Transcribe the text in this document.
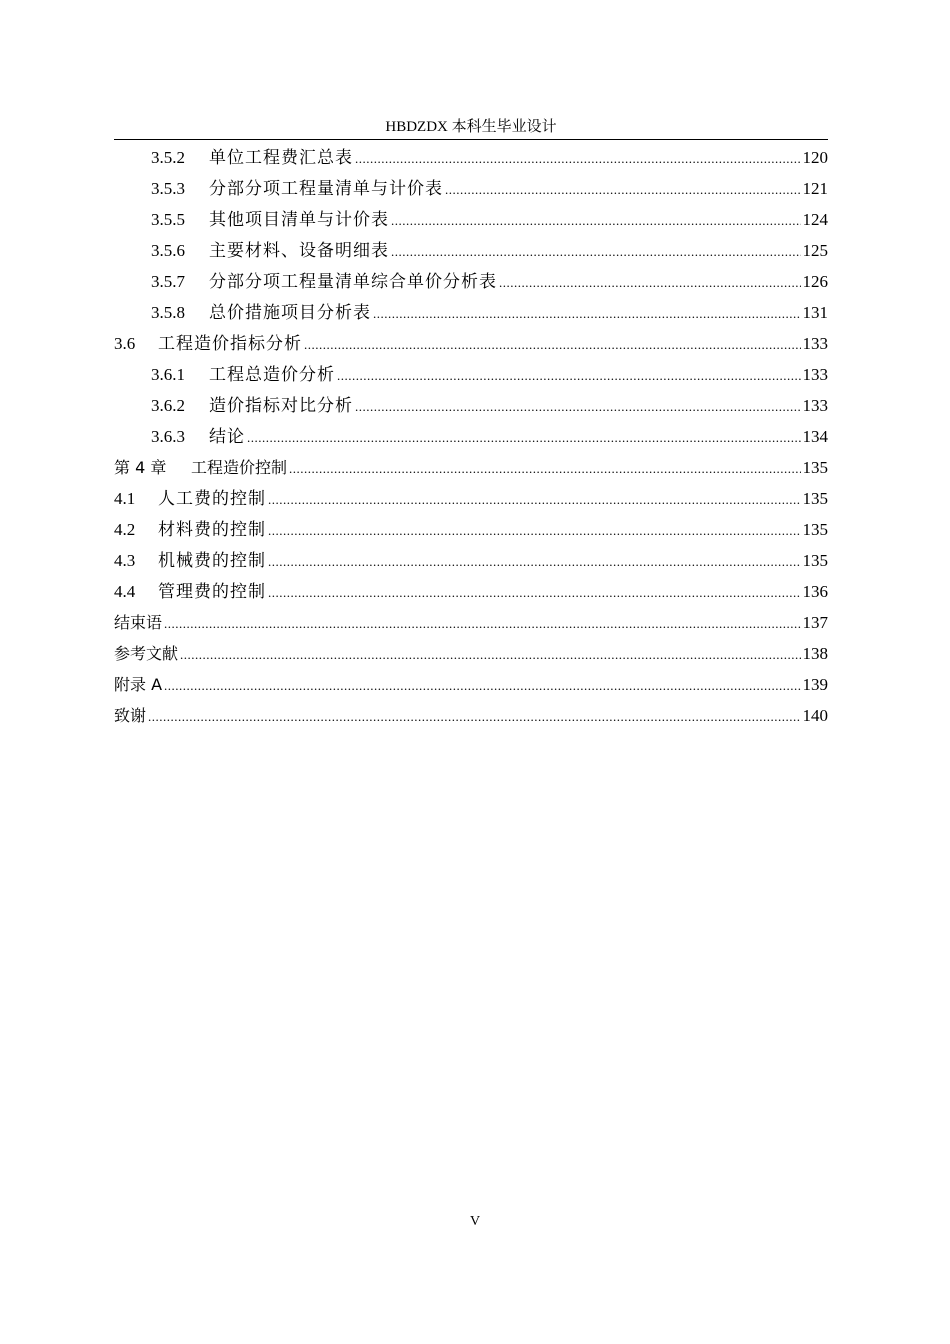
HBDZDX 本科生毕业设计
3.5.2	单位工程费汇总表 .....	120
3.5.3	分部分项工程量清单与计价表 .....	121
3.5.5	其他项目清单与计价表 .....	124
3.5.6	主要材料、设备明细表 .....	125
3.5.7	分部分项工程量清单综合单价分析表 .....	126
3.5.8	总价措施项目分析表 .....	131
3.6	工程造价指标分析 .....	133
3.6.1	工程总造价分析 .....	133
3.6.2	造价指标对比分析 .....	133
3.6.3	结论 .....	134
第 4 章	工程造价控制 .....	135
4.1	人工费的控制 .....	135
4.2	材料费的控制 .....	135
4.3	机械费的控制 .....	135
4.4	管理费的控制 .....	136
结束语 .....	137
参考文献 .....	138
附录 A .....	139
致谢 .....	140
V
